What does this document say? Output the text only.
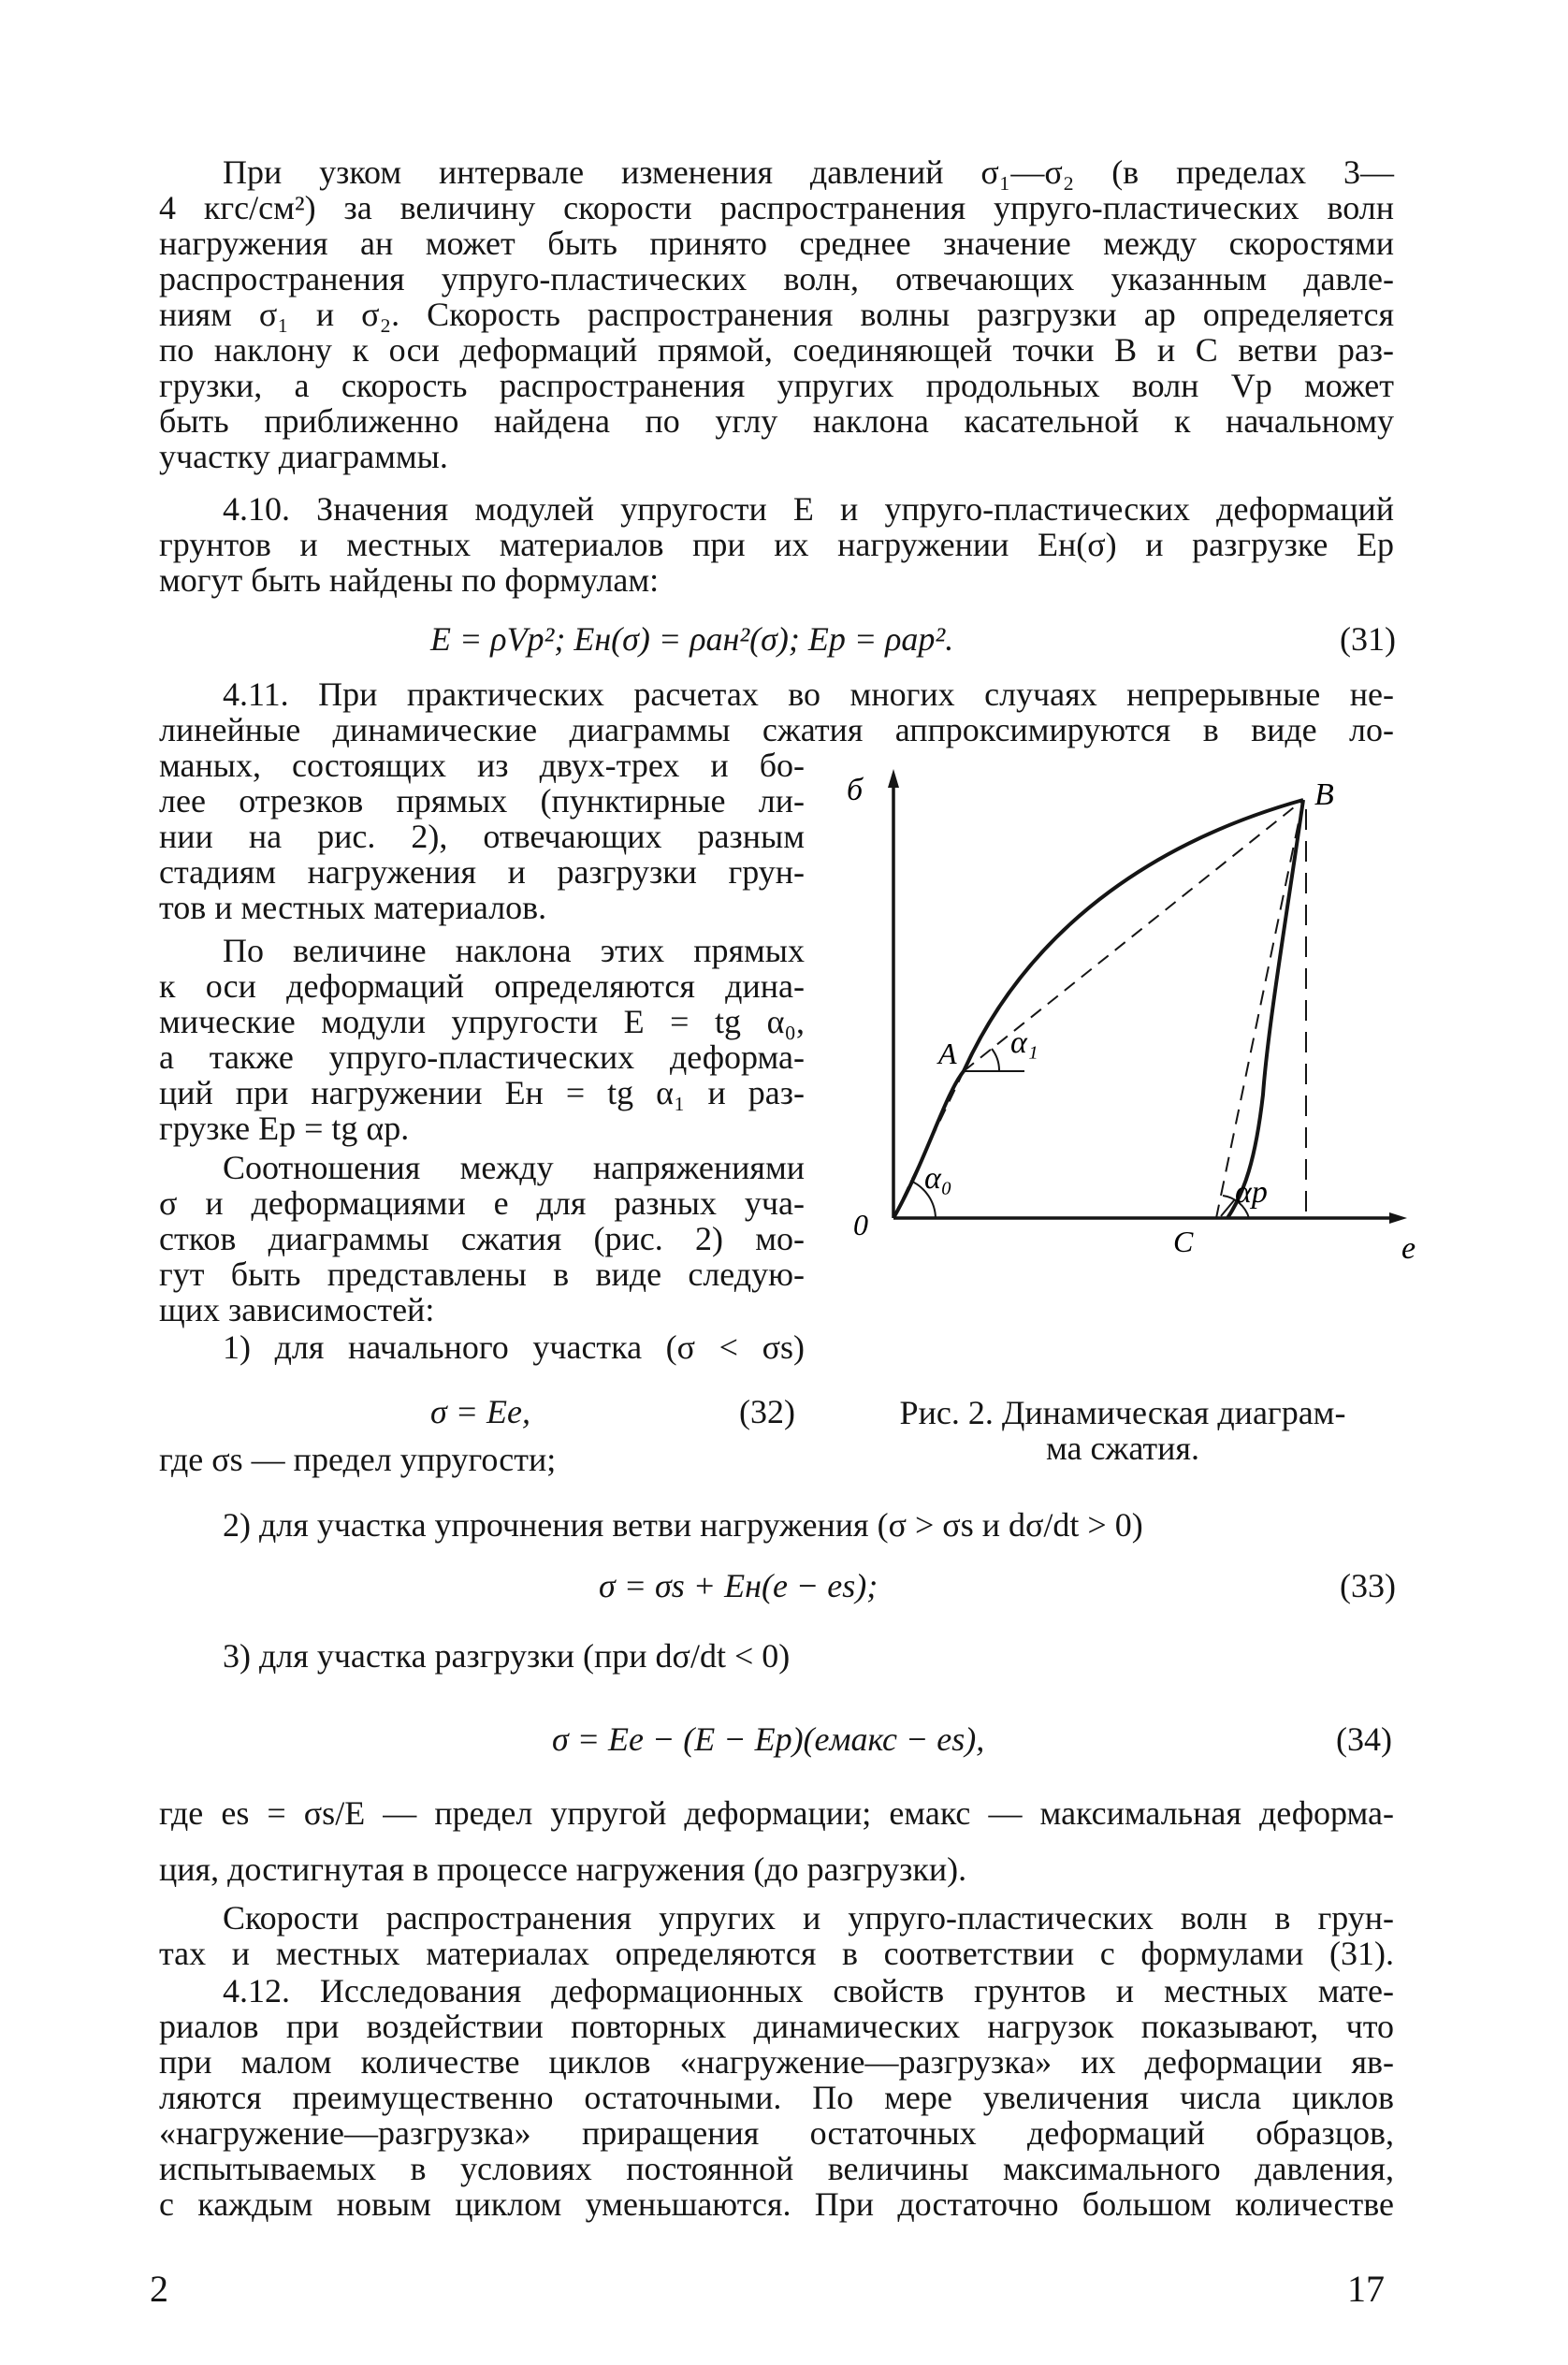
При узком интервале изменения давлений σ₁—σ₂ (в пределах 3—
4 кгс/см²) за величину скорости распространения упруго-пластических волн
нагружения aн может быть принято среднее значение между скоростями
распространения упруго-пластических волн, отвечающих указанным давле-
ниям σ₁ и σ₂. Скорость распространения волны разгрузки aр определяется
по наклону к оси деформаций прямой, соединяющей точки B и C ветви раз-
грузки, а скорость распространения упругих продольных волн Vр может
быть приближенно найдена по углу наклона касательной к начальному
участку диаграммы.
4.10. Значения модулей упругости E и упруго-пластических деформаций
грунтов и местных материалов при их нагружении Eн(σ) и разгрузке Eр
могут быть найдены по формулам:
E = ρVр²; Eн(σ) = ρaн²(σ); Eр = ρaр².	(31)
4.11. При практических расчетах во многих случаях непрерывные не-
линейные динамические диаграммы сжатия аппроксимируются в виде ло-
маных, состоящих из двух-трех и бо-
лее отрезков прямых (пунктирные ли-
нии на рис. 2), отвечающих разным
стадиям нагружения и разгрузки грун-
тов и местных материалов.
По величине наклона этих прямых
к оси деформаций определяются дина-
мические модули упругости E = tg α₀,
а также упруго-пластических деформа-
ций при нагружении Eн = tg α₁ и раз-
грузке Eр = tg αр.
Соотношения между напряжениями
σ и деформациями e для разных уча-
стков диаграммы сжатия (рис. 2) мо-
гут быть представлены в виде следую-
щих зависимостей:
1) для начального участка (σ < σs)
σ = Ee,	(32)	Рис. 2. Динамическая диаграм-
ма сжатия.
где σs — предел упругости;
2) для участка упрочнения ветви нагружения (σ > σs и dσ/dt > 0)
σ = σs + Eн(e − es);	(33)
3) для участка разгрузки (при dσ/dt < 0)
σ = Ee − (E − Eр)(eмакс − es),	(34)
где es = σs/E — предел упругой деформации; eмакс — максимальная деформа-
ция, достигнутая в процессе нагружения (до разгрузки).
Скорости распространения упругих и упруго-пластических волн в грун-
тах и местных материалах определяются в соответствии с формулами (31).
4.12. Исследования деформационных свойств грунтов и местных мате-
риалов при воздействии повторных динамических нагрузок показывают, что
при малом количестве циклов «нагружение—разгрузка» их деформации яв-
ляются преимущественно остаточными. По мере увеличения числа циклов
«нагружение—разгрузка» приращения остаточных деформаций образцов,
испытываемых в условиях постоянной величины максимального давления,
с каждым новым циклом уменьшаются. При достаточно большом количестве
2	17
б
e
0
A
B
C
α₀
α₁
αр
